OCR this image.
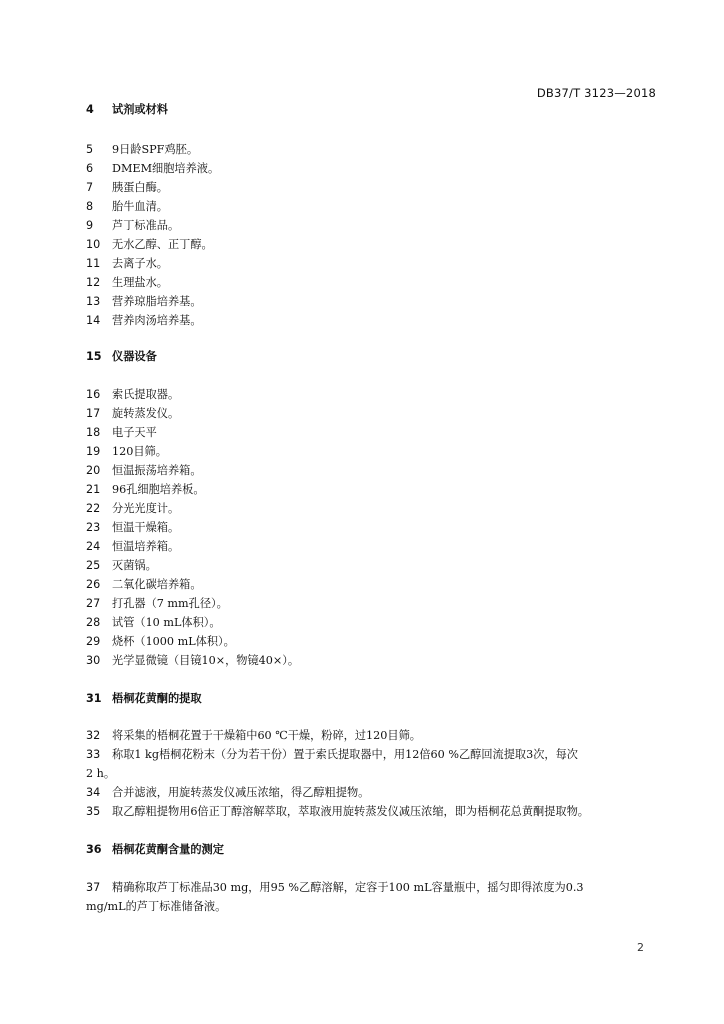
DB37/T 3123—2018
4 试剂或材料
5 9日龄SPF鸡胚。
6 DMEM细胞培养液。
7 胰蛋白酶。
8 胎牛血清。
9 芦丁标准品。
10 无水乙醇、正丁醇。
11 去离子水。
12 生理盐水。
13 营养琼脂培养基。
14 营养肉汤培养基。
15 仪器设备
16 索氏提取器。
17 旋转蒸发仪。
18 电子天平
19 120目筛。
20 恒温振荡培养箱。
21 96孔细胞培养板。
22 分光光度计。
23 恒温干燥箱。
24 恒温培养箱。
25 灭菌锅。
26 二氧化碳培养箱。
27 打孔器（7 mm孔径）。
28 试管（10 mL体积）。
29 烧杯（1000 mL体积）。
30 光学显微镜（目镜10×，物镜40×）。
31 梧桐花黄酮的提取
32 将采集的梧桐花置于干燥箱中60 ℃干燥，粉碎，过120目筛。
33 称取1 kg梧桐花粉末（分为若干份）置于索氏提取器中，用12倍60 %乙醇回流提取3次，每次
2 h。
34 合并滤液，用旋转蒸发仪减压浓缩，得乙醇粗提物。
35 取乙醇粗提物用6倍正丁醇溶解萃取，萃取液用旋转蒸发仪减压浓缩，即为梧桐花总黄酮提取物。
36 梧桐花黄酮含量的测定
37 精确称取芦丁标准品30 mg，用95 %乙醇溶解，定容于100 mL容量瓶中，摇匀即得浓度为0.3
mg/mL的芦丁标准储备液。
2
